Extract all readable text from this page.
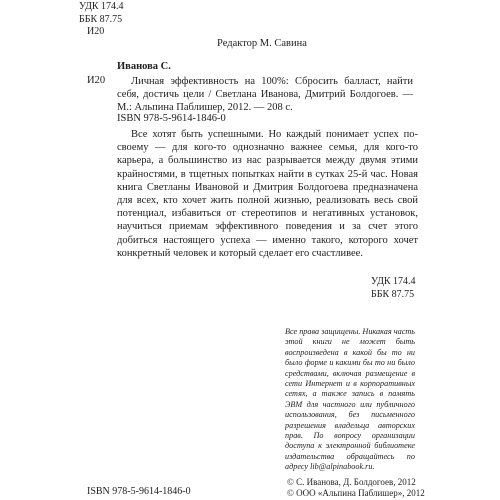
УДК 174.4
ББК 87.75
И20
Редактор М. Савина
Иванова С.
И20	Личная эффективность на 100%: Сбросить балласт, найти себя, достичь цели / Светлана Иванова, Дмитрий Болдогоев. — М.: Альпина Паблишер, 2012. — 208 с.
ISBN 978-5-9614-1846-0

Все хотят быть успешными. Но каждый понимает успех по-своему — для кого-то однозначно важнее семья, для кого-то карьера, а большинство из нас разрывается между двумя этими крайностями, в тщетных попытках найти в сутках 25-й час. Новая книга Светланы Ивановой и Дмитрия Болдогоева предназначена для всех, кто хочет жить полной жизнью, реализовать весь свой потенциал, избавиться от стереотипов и негативных установок, научиться приемам эффективного поведения и за счет этого добиться настоящего успеха — именно такого, которого хочет конкретный человек и который сделает его счастливее.

УДК 174.4
ББК 87.75
Все права защищены. Никакая часть этой книги не может быть воспроизведена в какой бы то ни было форме и какими бы то ни было средствами, включая размещение в сети Интернет и в корпоративных сетях, а также запись в память ЭВМ для частного или публичного использования, без письменного разрешения владельца авторских прав. По вопросу организации доступа к электронной библиотеке издательства обращайтесь по адресу lib@alpinabook.ru.
ISBN 978-5-9614-1846-0
© С. Иванова, Д. Болдогоев, 2012
© ООО «Альпина Паблишер», 2012
